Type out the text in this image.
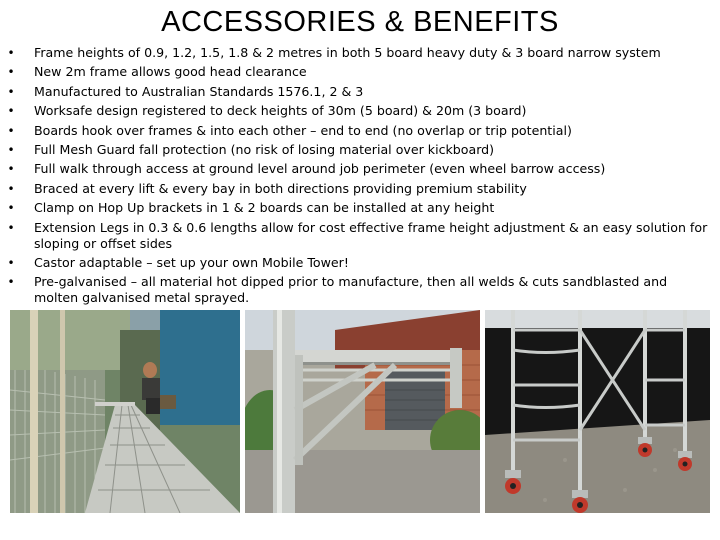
ACCESSORIES & BENEFITS
• Frame heights of 0.9, 1.2, 1.5, 1.8 & 2 metres in both 5 board heavy duty & 3 board narrow system
• New 2m frame allows good head clearance
• Manufactured to Australian Standards 1576.1, 2 & 3
• Worksafe design registered to deck heights of 30m (5 board) & 20m (3 board)
• Boards hook over frames & into each other – end to end (no overlap or trip potential)
• Full Mesh Guard fall protection (no risk of losing material over kickboard)
• Full walk through access at ground level around job perimeter (even wheel barrow access)
• Braced at every lift & every bay in both directions providing premium stability
• Clamp on Hop Up brackets in 1 & 2 boards can be installed at any height
• Extension Legs in 0.3 & 0.6 lengths allow for cost effective frame height adjustment & an easy solution for sloping or offset sides
• Castor adaptable – set up your own Mobile Tower!
• Pre-galvanised – all material hot dipped prior to manufacture, then all welds & cuts sandblasted and molten galvanised metal sprayed.
